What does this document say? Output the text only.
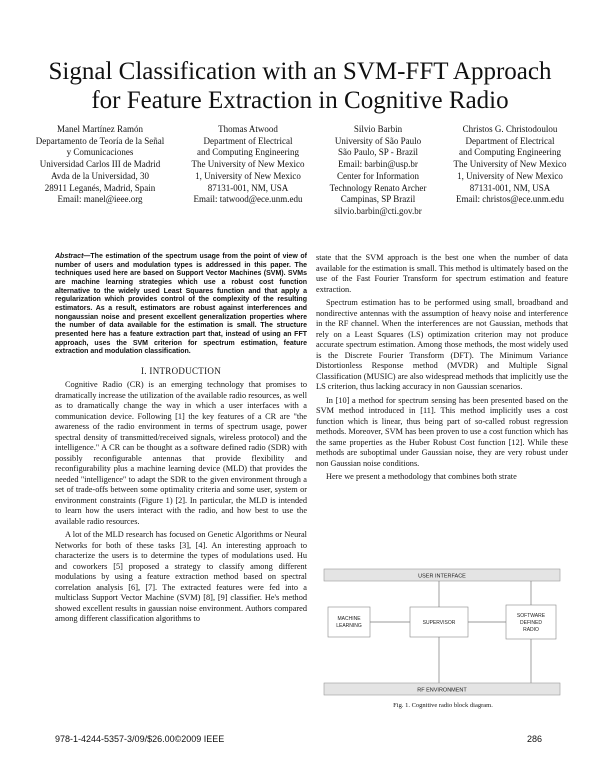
Signal Classification with an SVM-FFT Approach
for Feature Extraction in Cognitive Radio
Manel Martínez Ramón
Departamento de Teoría de la Señal
y Comunicaciones
Universidad Carlos III de Madrid
Avda de la Universidad, 30
28911 Leganés, Madrid, Spain
Email: manel@ieee.org
Thomas Atwood
Department of Electrical
and Computing Engineering
The University of New Mexico
1, University of New Mexico
87131-001, NM, USA
Email: tatwood@ece.unm.edu
Silvio Barbin
University of São Paulo
São Paulo, SP - Brazil
Email: barbin@usp.br
Center for Information
Technology Renato Archer
Campinas, SP Brazil
silvio.barbin@cti.gov.br
Christos G. Christodoulou
Department of Electrical
and Computing Engineering
The University of New Mexico
1, University of New Mexico
87131-001, NM, USA
Email: christos@ece.unm.edu
Abstract—The estimation of the spectrum usage from the point of view of number of users and modulation types is addressed in this paper. The techniques used here are based on Support Vector Machines (SVM). SVMs are machine learning strategies which use a robust cost function alternative to the widely used Least Squares function and that apply a regularization which provides control of the complexity of the resulting estimators. As a result, estimators are robust against interferences and nongaussian noise and present excellent generalization properties where the number of data available for the estimation is small. The structure presented here has a feature extraction part that, instead of using an FFT approach, uses the SVM criterion for spectrum estimation, feature extraction and modulation classification.
I. INTRODUCTION

Cognitive Radio (CR) is an emerging technology that promises to dramatically increase the utilization of the available radio resources, as well as to dramatically change the way in which a user interfaces with a communication device. Following [1] the key features of a CR are "the awareness of the radio environment in terms of spectrum usage, power spectral density of transmitted/received signals, wireless protocol) and the intelligence." A CR can be thought as a software defined radio (SDR) with possibly reconfigurable antennas that provide flexibility and reconfigurability plus a machine learning device (MLD) that provides the needed "intelligence" to adapt the SDR to the given environment through a set of trade-offs between some optimality criteria and some user, system or environment constraints (Figure 1) [2]. In particular, the MLD is intended to learn how the users interact with the radio, and how best to use the available radio resources.

A lot of the MLD research has focused on Genetic Algorithms or Neural Networks for both of these tasks [3], [4]. An interesting approach to characterize the users is to determine the types of modulations used. Hu and coworkers [5] proposed a strategy to classify among different modulations by using a feature extraction method based on spectral correlation analysis [6], [7]. The extracted features were fed into a multiclass Support Vector Machine (SVM) [8], [9] classifier. He's method showed excellent results in gaussian noise environment. Authors compared among different classification algorithms to

state that the SVM approach is the best one when the number of data available for the estimation is small. This method is ultimately based on the use of the Fast Fourier Transform for spectrum estimation and feature extraction.

Spectrum estimation has to be performed using small, broadband and nondirective antennas with the assumption of heavy noise and interference in the RF channel. When the interferences are not Gaussian, methods that rely on a Least Squares (LS) optimization criterion may not produce accurate spectrum estimation. Among those methods, the most widely used is the Discrete Fourier Transform (DFT). The Minimum Variance Distortionless Response method (MVDR) and Multiple Signal Classification (MUSIC) are also widespread methods that implicitly use the LS criterion, thus lacking accuracy in non Gaussian scenarios.

In [10] a method for spectrum sensing has been presented based on the SVM method introduced in [11]. This method implicitly uses a cost function which is linear, thus being part of so-called robust regression methods. Moreover, SVM has been proven to use a cost function which has the same properties as the Huber Robust Cost function [12]. While these methods are suboptimal under Gaussian noise, they are very robust under non Gaussian noise conditions.

Here we present a methodology that combines both strate

USER INTERFACE
MACHINE
LEARNING	SUPERVISOR
SOFTWARE
DEFINED
RADIO
RF ENVIRONMENT
Fig. 1. Cognitive radio block diagram.
978-1-4244-5357-3/09/$26.00©2009 IEEE	286
